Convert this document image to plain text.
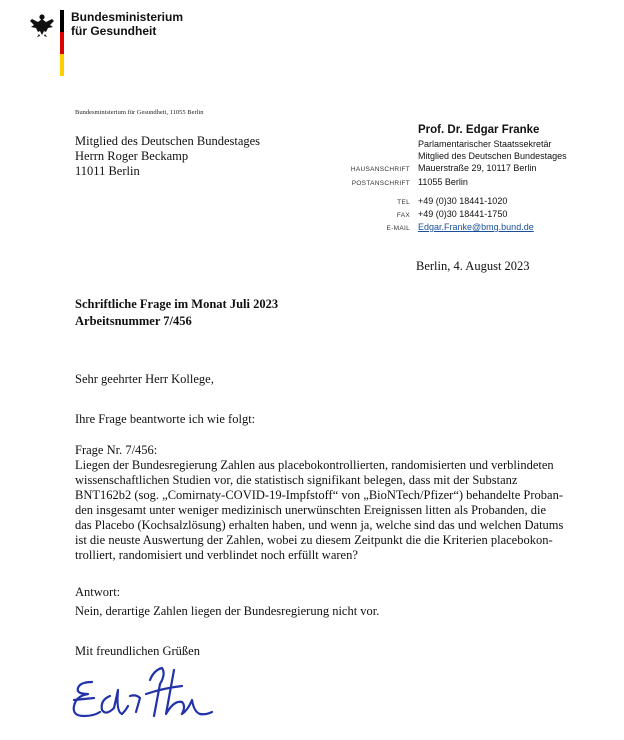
Bundesministerium
für Gesundheit
Bundesministerium für Gesundheit, 11055 Berlin
Mitglied des Deutschen Bundestages
Herrn Roger Beckamp
11011 Berlin
Prof. Dr. Edgar Franke
Parlamentarischer Staatssekretär
Mitglied des Deutschen Bundestages
HAUSANSCHRIFT Mauerstraße 29, 10117 Berlin
POSTANSCHRIFT 11055 Berlin
TEL +49 (0)30 18441-1020
FAX +49 (0)30 18441-1750
E-MAIL Edgar.Franke@bmg.bund.de
Berlin, 4. August 2023
Schriftliche Frage im Monat Juli 2023
Arbeitsnummer 7/456
Sehr geehrter Herr Kollege,
Ihre Frage beantworte ich wie folgt:
Frage Nr. 7/456:
Liegen der Bundesregierung Zahlen aus placebokontrollierten, randomisierten und verblindeten
wissenschaftlichen Studien vor, die statistisch signifikant belegen, dass mit der Substanz
BNT162b2 (sog. „Comirnaty-COVID-19-Impfstoff“ von „BioNTech/Pfizer“) behandelte Proban-
den insgesamt unter weniger medizinisch unerwünschten Ereignissen litten als Probanden, die
das Placebo (Kochsalzlösung) erhalten haben, und wenn ja, welche sind das und welchen Datums
ist die neuste Auswertung der Zahlen, wobei zu diesem Zeitpunkt die die Kriterien placebokon-
trolliert, randomisiert und verblindet noch erfüllt waren?
Antwort:
Nein, derartige Zahlen liegen der Bundesregierung nicht vor.
Mit freundlichen Grüßen
